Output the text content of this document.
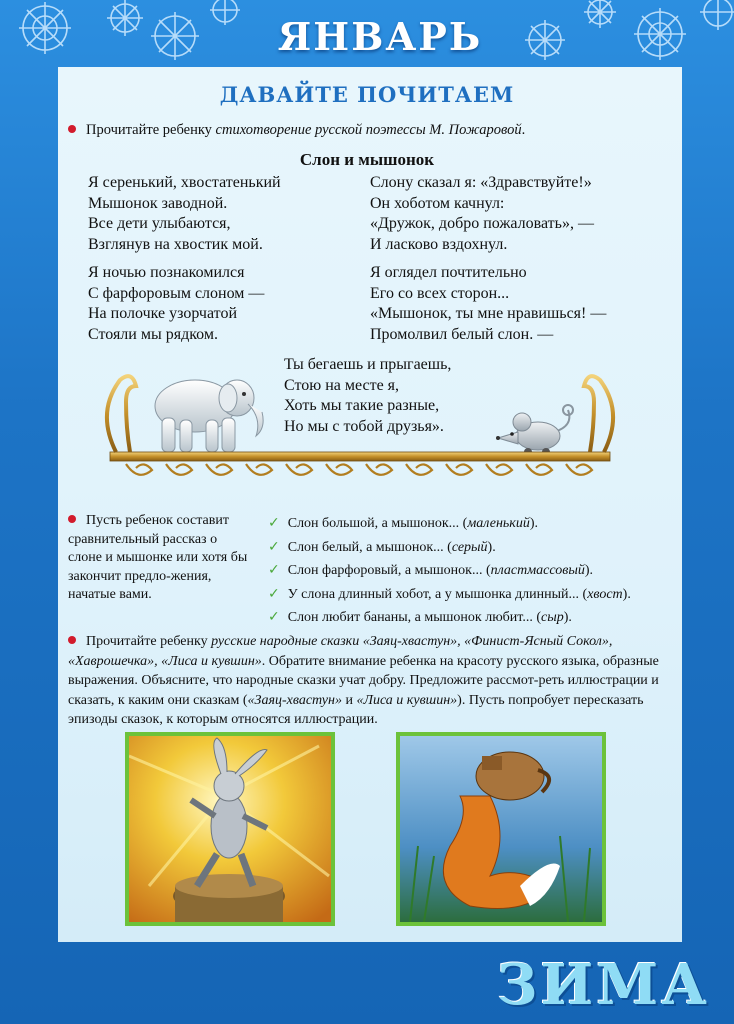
ЯНВАРЬ
ДАВАЙТЕ ПОЧИТАЕМ
Прочитайте ребенку стихотворение русской поэтессы М. Пожаровой.
Слон и мышонок
Я серенький, хвостатенький
Мышонок заводной.
Все дети улыбаются,
Взглянув на хвостик мой.
Я ночью познакомился
С фарфоровым слоном —
На полочке узорчатой
Стояли мы рядком.
Слону сказал я: «Здравствуйте!»
Он хоботом качнул:
«Дружок, добро пожаловать», —
И ласково вздохнул.
Я оглядел почтительно
Его со всех сторон...
«Мышонок, ты мне нравишься! —
Промолвил белый слон. —
Ты бегаешь и прыгаешь,
Стою на месте я,
Хоть мы такие разные,
Но мы с тобой друзья».
Пусть ребенок составит сравнительный рассказ о слоне и мышонке или хотя бы закончит предло-жения, начатые вами.
✓ Слон большой, а мышонок... (маленький).
✓ Слон белый, а мышонок... (серый).
✓ Слон фарфоровый, а мышонок... (пластмассовый).
✓ У слона длинный хобот, а у мышонка длинный... (хвост).
✓ Слон любит бананы, а мышонок любит... (сыр).
Прочитайте ребенку русские народные сказки «Заяц-хвастун», «Финист-Ясный Сокол», «Хаврошечка», «Лиса и кувшин». Обратите внимание ребенка на красоту русского языка, образные выражения. Объясните, что народные сказки учат добру. Предложите рассмот-реть иллюстрации и сказать, к каким они сказкам («Заяц-хвастун» и «Лиса и кувшин»). Пусть попробует пересказать эпизоды сказок, к которым относятся иллюстрации.
ЗИМА
